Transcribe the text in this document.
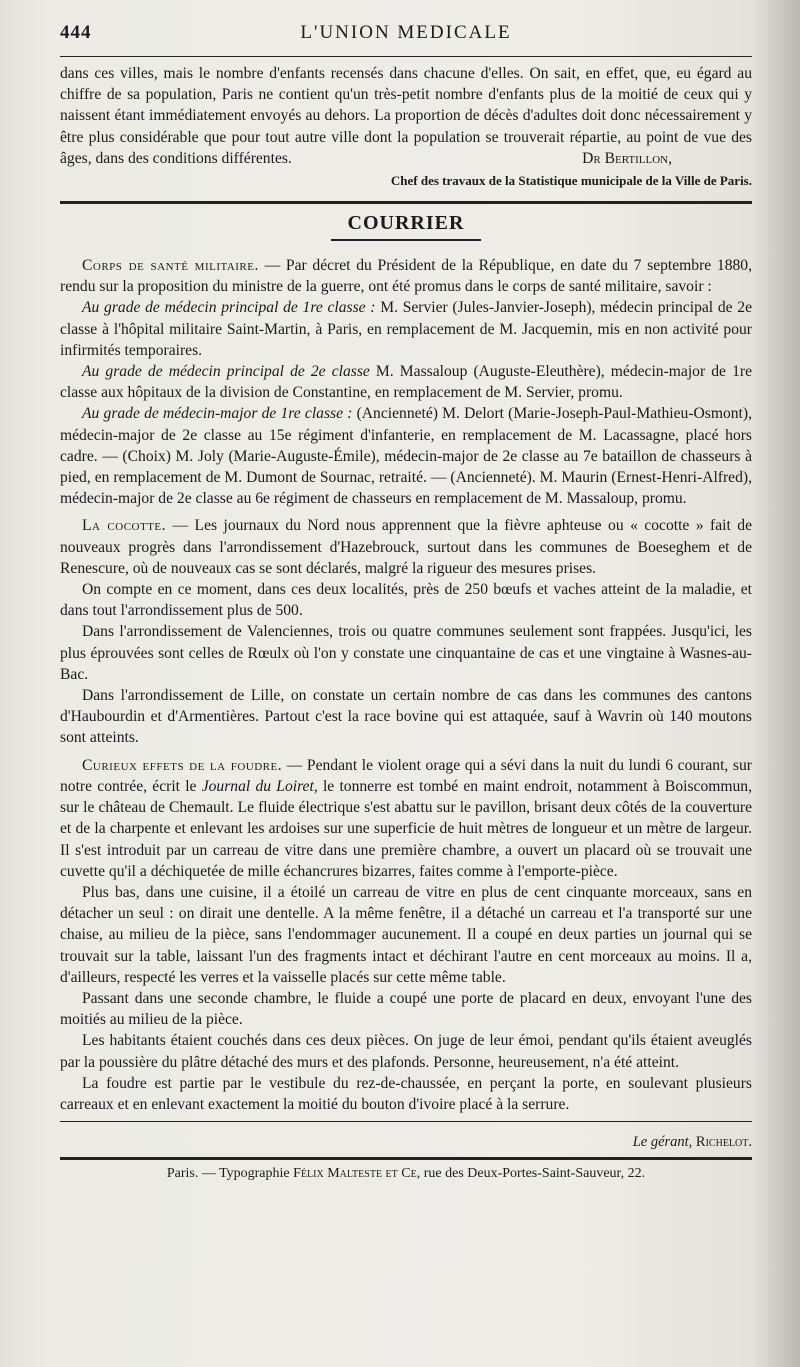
444	L'UNION MEDICALE

dans ces villes, mais le nombre d'enfants recensés dans chacune d'elles. On sait, en effet, que, eu égard au chiffre de sa population, Paris ne contient qu'un très-petit nombre d'enfants plus de la moitié de ceux qui y naissent étant immédiatement envoyés au dehors. La proportion de décès d'adultes doit donc nécessairement y être plus considérable que pour tout autre ville dont la population se trouverait répartie, au point de vue des âges, dans des conditions différentes.	Dr Bertillon,
Chef des travaux de la Statistique municipale de la Ville de Paris.
COURRIER

Corps de santé militaire. — Par décret du Président de la République, en date du 7 septembre 1880, rendu sur la proposition du ministre de la guerre, ont été promus dans le corps de santé militaire, savoir :

Au grade de médecin principal de 1re classe : M. Servier (Jules-Janvier-Joseph), médecin principal de 2e classe à l'hôpital militaire Saint-Martin, à Paris, en remplacement de M. Jacquemin, mis en non activité pour infirmités temporaires.

Au grade de médecin principal de 2e classe M. Massaloup (Auguste-Eleuthère), médecin-major de 1re classe aux hôpitaux de la division de Constantine, en remplacement de M. Servier, promu.

Au grade de médecin-major de 1re classe : (Ancienneté) M. Delort (Marie-Joseph-Paul-Mathieu-Osmont), médecin-major de 2e classe au 15e régiment d'infanterie, en remplacement de M. Lacassagne, placé hors cadre. — (Choix) M. Joly (Marie-Auguste-Émile), médecin-major de 2e classe au 7e bataillon de chasseurs à pied, en remplacement de M. Dumont de Sournac, retraité. — (Ancienneté). M. Maurin (Ernest-Henri-Alfred), médecin-major de 2e classe au 6e régiment de chasseurs en remplacement de M. Massaloup, promu.

La cocotte. — Les journaux du Nord nous apprennent que la fièvre aphteuse ou « cocotte » fait de nouveaux progrès dans l'arrondissement d'Hazebrouck, surtout dans les communes de Boeseghem et de Renescure, où de nouveaux cas se sont déclarés, malgré la rigueur des mesures prises.

On compte en ce moment, dans ces deux localités, près de 250 bœufs et vaches atteint de la maladie, et dans tout l'arrondissement plus de 500.

Dans l'arrondissement de Valenciennes, trois ou quatre communes seulement sont frappées. Jusqu'ici, les plus éprouvées sont celles de Rœulx où l'on y constate une cinquantaine de cas et une vingtaine à Wasnes-au-Bac.

Dans l'arrondissement de Lille, on constate un certain nombre de cas dans les communes des cantons d'Haubourdin et d'Armentières. Partout c'est la race bovine qui est attaquée, sauf à Wavrin où 140 moutons sont atteints.

Curieux effets de la foudre. — Pendant le violent orage qui a sévi dans la nuit du lundi 6 courant, sur notre contrée, écrit le Journal du Loiret, le tonnerre est tombé en maint endroit, notamment à Boiscommun, sur le château de Chemault. Le fluide électrique s'est abattu sur le pavillon, brisant deux côtés de la couverture et de la charpente et enlevant les ardoises sur une superficie de huit mètres de longueur et un mètre de largeur. Il s'est introduit par un carreau de vitre dans une première chambre, a ouvert un placard où se trouvait une cuvette qu'il a déchiquetée de mille échancrures bizarres, faites comme à l'emporte-pièce.

Plus bas, dans une cuisine, il a étoilé un carreau de vitre en plus de cent cinquante morceaux, sans en détacher un seul : on dirait une dentelle. A la même fenêtre, il a détaché un carreau et l'a transporté sur une chaise, au milieu de la pièce, sans l'endommager aucunement. Il a coupé en deux parties un journal qui se trouvait sur la table, laissant l'un des fragments intact et déchirant l'autre en cent morceaux au moins. Il a, d'ailleurs, respecté les verres et la vaisselle placés sur cette même table.

Passant dans une seconde chambre, le fluide a coupé une porte de placard en deux, envoyant l'une des moitiés au milieu de la pièce.

Les habitants étaient couchés dans ces deux pièces. On juge de leur émoi, pendant qu'ils étaient aveuglés par la poussière du plâtre détaché des murs et des plafonds. Personne, heureusement, n'a été atteint.

La foudre est partie par le vestibule du rez-de-chaussée, en perçant la porte, en soulevant plusieurs carreaux et en enlevant exactement la moitié du bouton d'ivoire placé à la serrure.

Le gérant, Richelot.
Paris. — Typographie Félix Malteste et Ce, rue des Deux-Portes-Saint-Sauveur, 22.
